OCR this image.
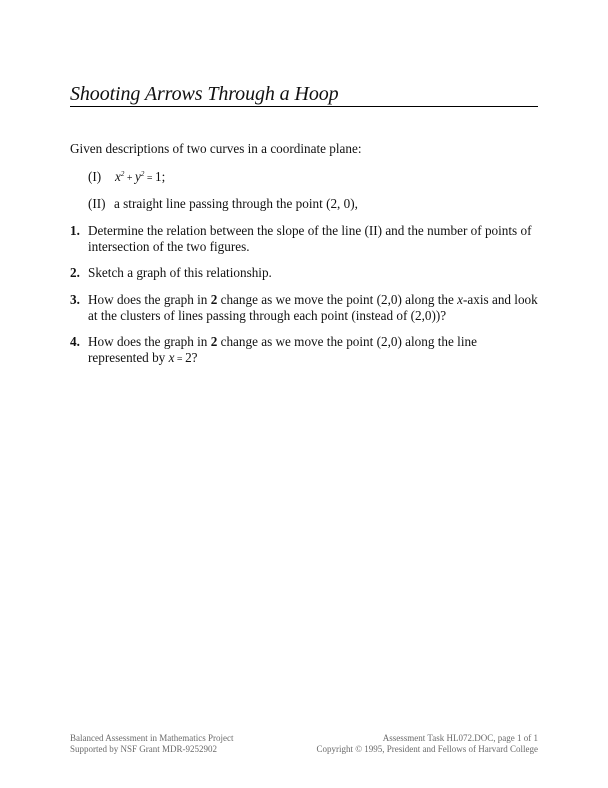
Shooting Arrows Through a Hoop
Given descriptions of two curves in a coordinate plane:
(I) $x^2 + y^2 = 1$;
(II) a straight line passing through the point (2, 0),
1. Determine the relation between the slope of the line (II) and the number of points of intersection of the two figures.
2. Sketch a graph of this relationship.
3. How does the graph in 2 change as we move the point (2,0) along the x-axis and look at the clusters of lines passing through each point (instead of (2,0))?
4. How does the graph in 2 change as we move the point (2,0) along the line represented by x = 2?
Balanced Assessment in Mathematics Project
Supported by NSF Grant MDR-9252902
Assessment Task HL072.DOC, page 1 of 1
Copyright © 1995, President and Fellows of Harvard College
